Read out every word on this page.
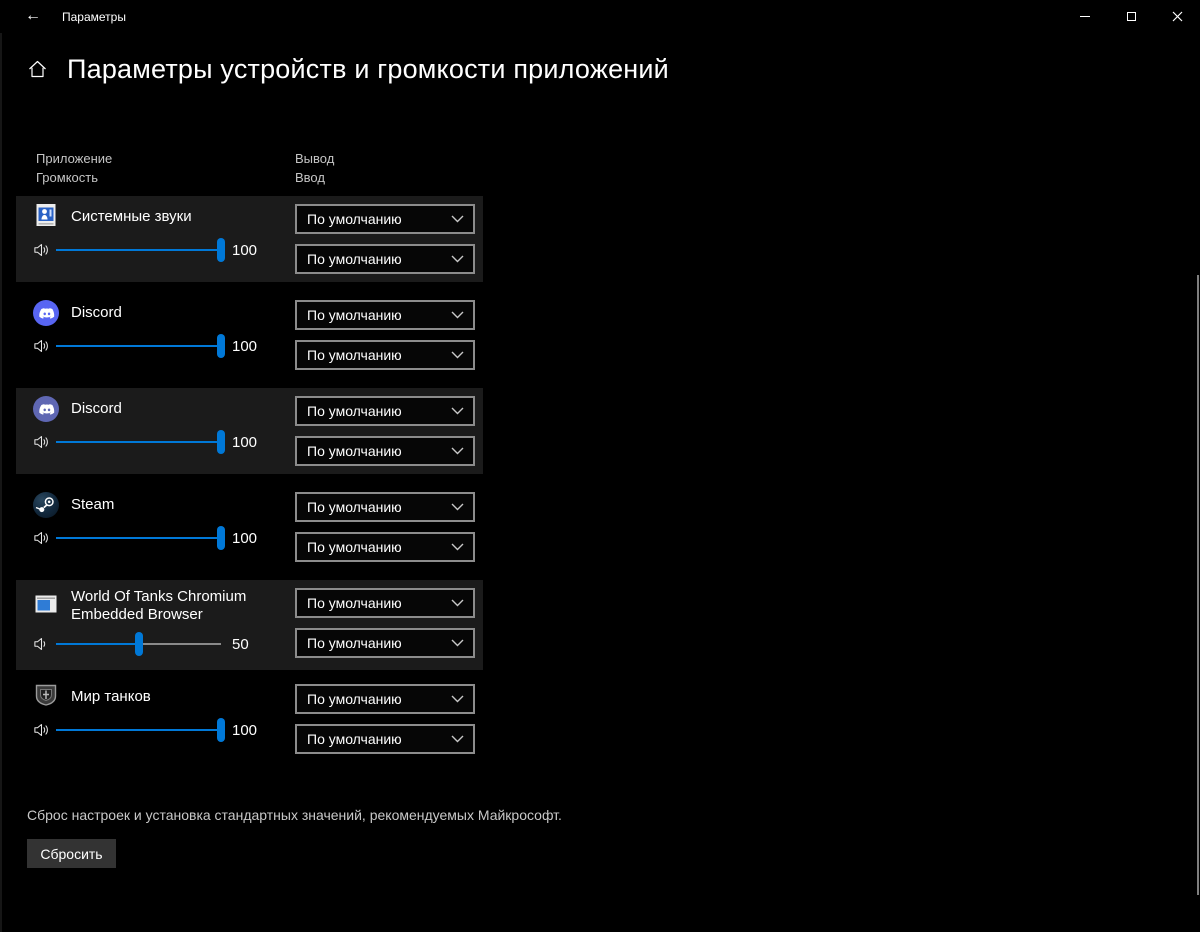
←	Параметры
Параметры устройств и громкости приложений
Приложение
Громкость
Вывод
Ввод
Системные звуки
100
По умолчанию
По умолчанию
Discord
100
По умолчанию
По умолчанию
Discord
100
По умолчанию
По умолчанию
Steam
100
По умолчанию
По умолчанию
World Of Tanks Chromium Embedded Browser
50
По умолчанию
По умолчанию
Мир танков
100
По умолчанию
По умолчанию
Сброс настроек и установка стандартных значений, рекомендуемых Майкрософт.
Сбросить
